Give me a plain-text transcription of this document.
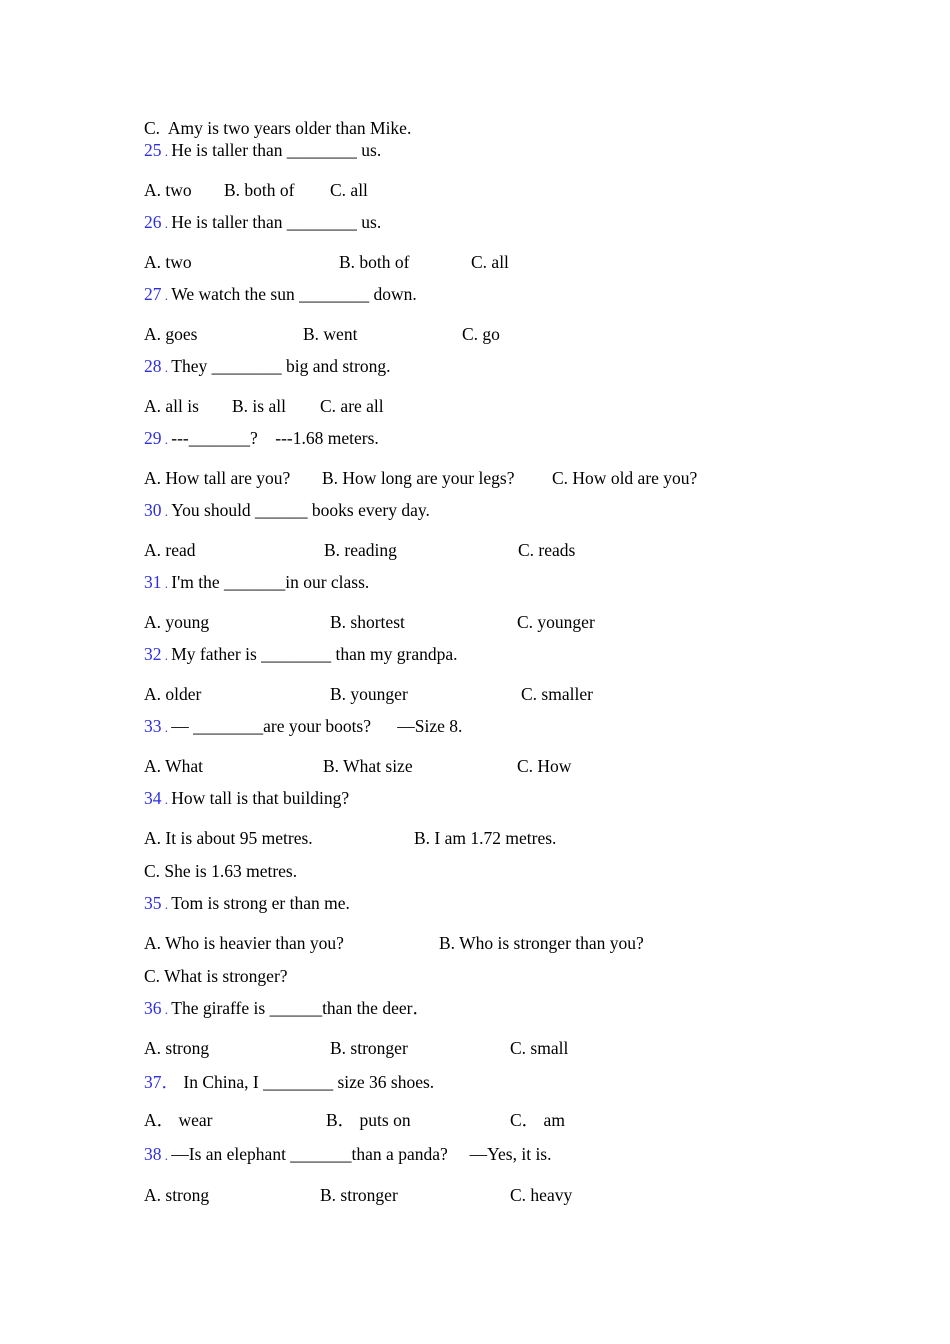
C.  Amy is two years older than Mike.
25 . He is taller than ________ us.
A. two B. both of C. all
26 . He is taller than ________ us.
A. two	B. both of	C. all
27 . We watch the sun ________ down.
A. goes	B. went	C. go
28 . They ________ big and strong.
A. all is B. is all C. are all
29 . ---_______?    ---1.68 meters.
A. How tall are you? B. How long are your legs? C. How old are you?
30 . You should ______ books every day.
A. read	B. reading	C. reads
31 . I'm the _______in our class.
A. young	B. shortest	C. younger
32 . My father is ________ than my grandpa.
A. older	B. younger	C. smaller
33 . — ________are your boots?      —Size 8.
A. What	B. What size	C. How
34 . How tall is that building?
A. It is about 95 metres.	B. I am 1.72 metres.
C. She is 1.63 metres.
35 . Tom is strong er than me.
A. Who is heavier than you?	B. Who is stronger than you?
C. What is stronger?
36 . The giraffe is ______than the deer．
A. strong	B. stronger	C. small
37． In China, I ________ size 36 shoes.
A． wear	B． puts on	C． am
38 . —Is an elephant _______than a panda?     —Yes, it is.
A. strong	B. stronger	C. heavy
